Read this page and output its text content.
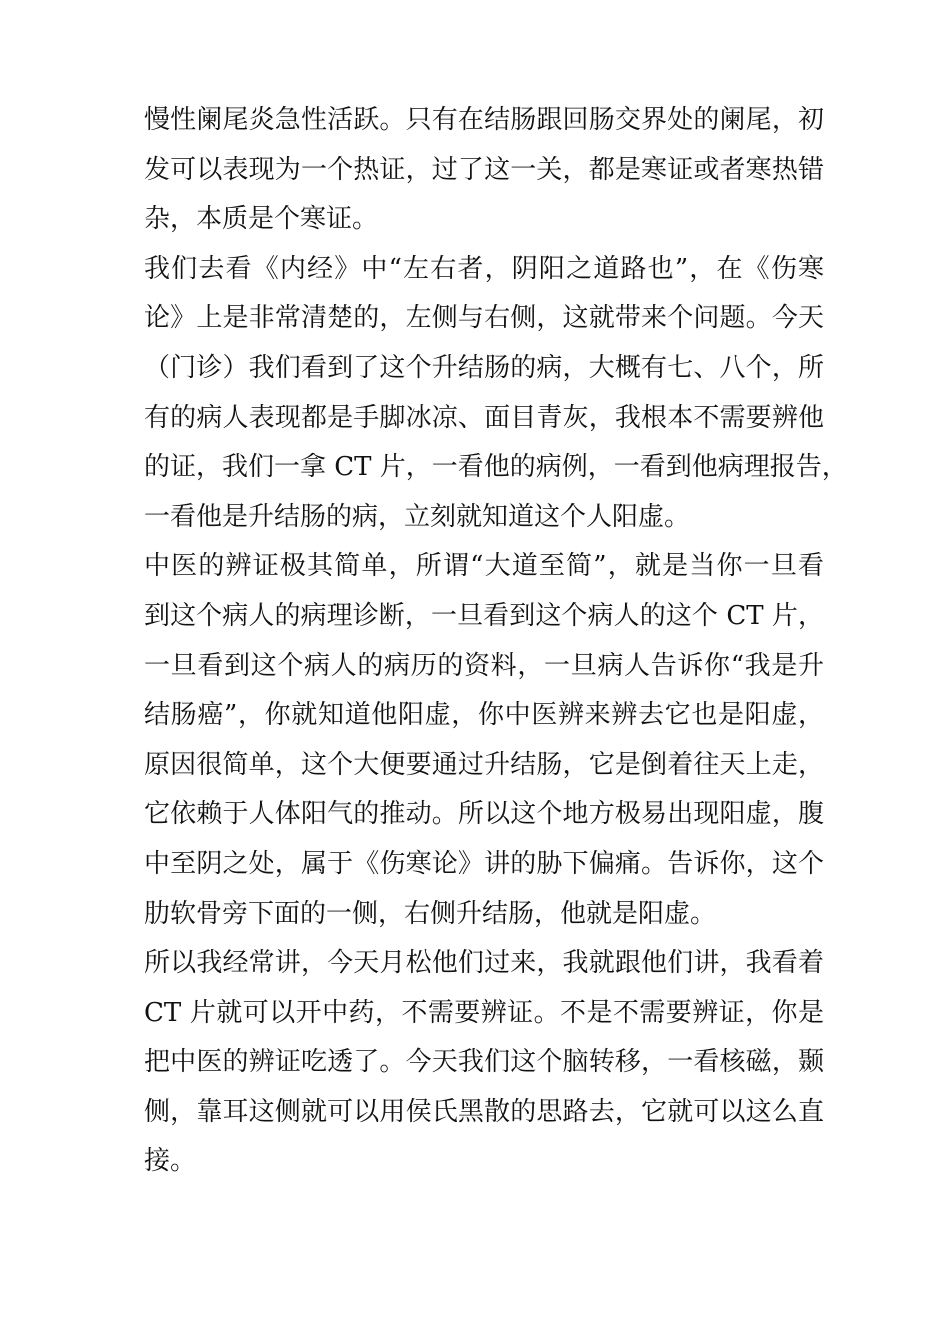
慢性阑尾炎急性活跃。只有在结肠跟回肠交界处的阑尾，初
发可以表现为一个热证，过了这一关，都是寒证或者寒热错
杂，本质是个寒证。
我们去看《内经》中“左右者，阴阳之道路也”，在《伤寒
论》上是非常清楚的，左侧与右侧，这就带来个问题。今天
（门诊）我们看到了这个升结肠的病，大概有七、八个，所
有的病人表现都是手脚冰凉、面目青灰，我根本不需要辨他
的证，我们一拿 CT 片，一看他的病例，一看到他病理报告，
一看他是升结肠的病，立刻就知道这个人阳虚。
中医的辨证极其简单，所谓“大道至简”，就是当你一旦看
到这个病人的病理诊断，一旦看到这个病人的这个 CT 片，
一旦看到这个病人的病历的资料，一旦病人告诉你“我是升
结肠癌”，你就知道他阳虚，你中医辨来辨去它也是阳虚，
原因很简单，这个大便要通过升结肠，它是倒着往天上走，
它依赖于人体阳气的推动。所以这个地方极易出现阳虚，腹
中至阴之处，属于《伤寒论》讲的胁下偏痛。告诉你，这个
肋软骨旁下面的一侧，右侧升结肠，他就是阳虚。
所以我经常讲，今天月松他们过来，我就跟他们讲，我看着
CT 片就可以开中药，不需要辨证。不是不需要辨证，你是
把中医的辨证吃透了。今天我们这个脑转移，一看核磁，颞
侧，靠耳这侧就可以用侯氏黑散的思路去，它就可以这么直
接。
